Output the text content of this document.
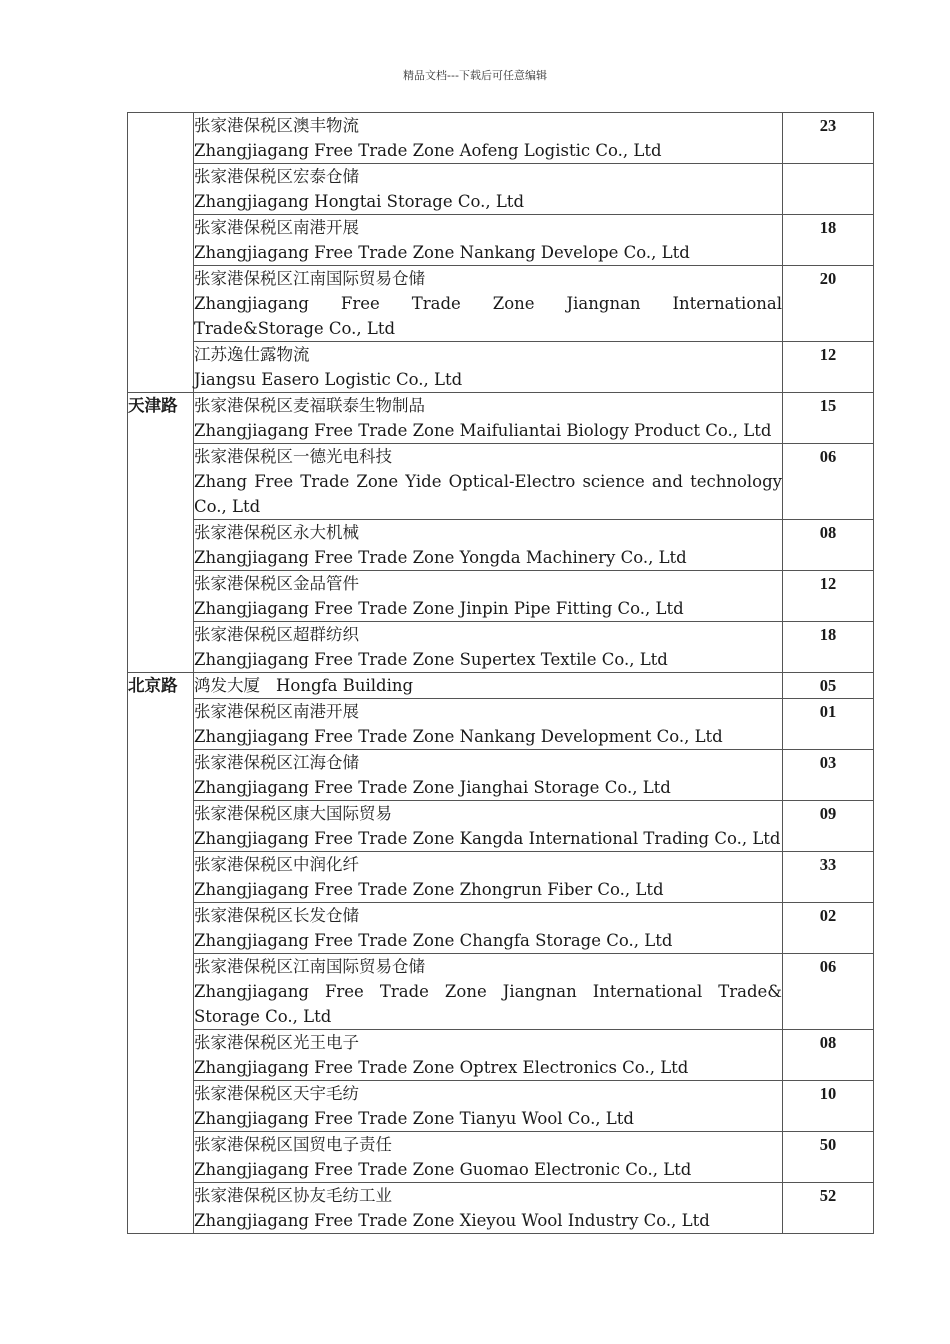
精品文档---下载后可任意编辑

	张家港保税区澳丰物流
Zhangjiagang Free Trade Zone Aofeng Logistic Co., Ltd	23

	张家港保税区宏泰仓储
Zhangjiagang Hongtai Storage Co., Ltd	

	张家港保税区南港开展
Zhangjiagang Free Trade Zone Nankang Develope Co., Ltd	18

	张家港保税区江南国际贸易仓储
Zhangjiagang Free Trade Zone Jiangnan International Trade&Storage Co., Ltd	20

	江苏逸仕露物流
Jiangsu Easero Logistic Co., Ltd	12
天津路	张家港保税区麦福联泰生物制品
Zhangjiagang Free Trade Zone Maifuliantai Biology Product Co., Ltd	15

	张家港保税区一德光电科技
Zhang Free Trade Zone Yide Optical-Electro science and technology Co., Ltd	06

	张家港保税区永大机械
Zhangjiagang Free Trade Zone Yongda Machinery Co., Ltd	08

	张家港保税区金品管件
Zhangjiagang Free Trade Zone Jinpin Pipe Fitting Co., Ltd	12

	张家港保税区超群纺织
Zhangjiagang Free Trade Zone Supertex Textile Co., Ltd	18
北京路	鸿发大厦 Hongfa Building	05

	张家港保税区南港开展
Zhangjiagang Free Trade Zone Nankang Development Co., Ltd	01

	张家港保税区江海仓储
Zhangjiagang Free Trade Zone Jianghai Storage Co., Ltd	03

	张家港保税区康大国际贸易
Zhangjiagang Free Trade Zone Kangda International Trading Co., Ltd	09

	张家港保税区中润化纤
Zhangjiagang Free Trade Zone Zhongrun Fiber Co., Ltd	33

	张家港保税区长发仓储
Zhangjiagang Free Trade Zone Changfa Storage Co., Ltd	02

	张家港保税区江南国际贸易仓储
Zhangjiagang Free Trade Zone Jiangnan International Trade& Storage Co., Ltd	06

	张家港保税区光王电子
Zhangjiagang Free Trade Zone Optrex Electronics Co., Ltd	08

	张家港保税区天宇毛纺
Zhangjiagang Free Trade Zone Tianyu Wool Co., Ltd	10

	张家港保税区国贸电子责任
Zhangjiagang Free Trade Zone Guomao Electronic Co., Ltd	50

	张家港保税区协友毛纺工业
Zhangjiagang Free Trade Zone Xieyou Wool Industry Co., Ltd	52
